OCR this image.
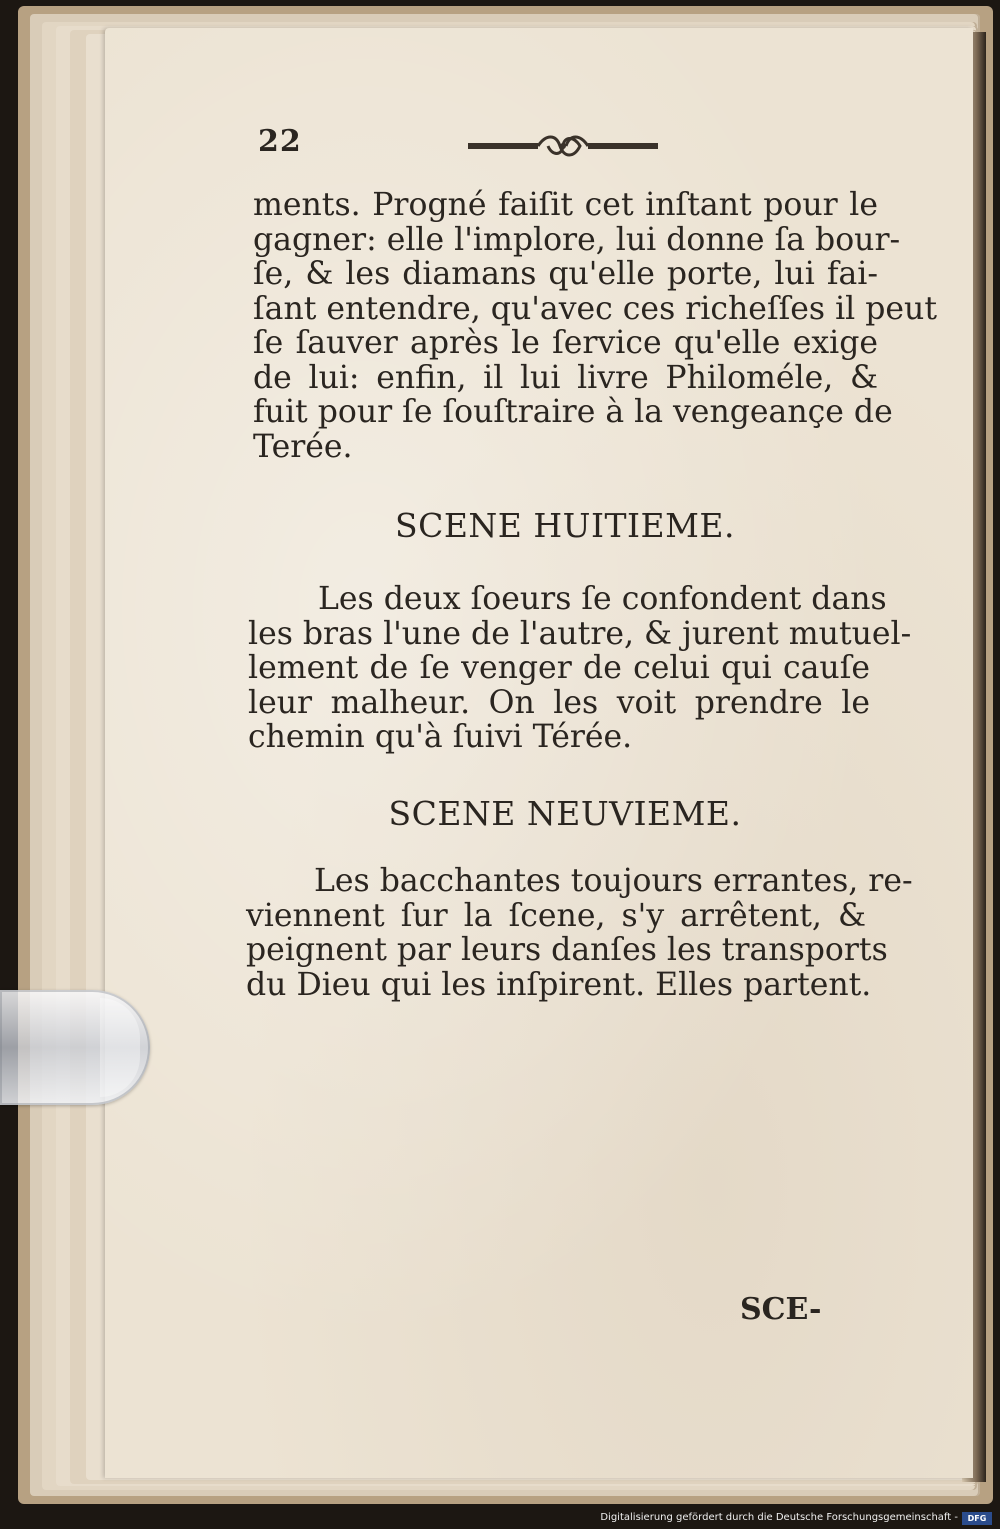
22
ments. Progné faiſit cet inſtant pour le
gagner: elle l'implore, lui donne ſa bour-
ſe, & les diamans qu'elle porte, lui fai-
ſant entendre, qu'avec ces richeſſes il peut
ſe ſauver après le ſervice qu'elle exige
de lui: enfin, il lui livre Philoméle, &
fuit pour ſe ſouſtraire à la vengeançe de
Terée.
SCENE HUITIEME.
Les deux ſoeurs ſe confondent dans
les bras l'une de l'autre, & jurent mutuel-
lement de ſe venger de celui qui cauſe
leur malheur. On les voit prendre le
chemin qu'à ſuivi Térée.
SCENE NEUVIEME.
Les bacchantes toujours errantes, re-
viennent ſur la ſcene, s'y arrêtent, &
peignent par leurs danſes les transports
du Dieu qui les inſpirent. Elles partent.
SCE-
Digitalisierung gefördert durch die Deutsche Forschungsgemeinschaft -	DFG
